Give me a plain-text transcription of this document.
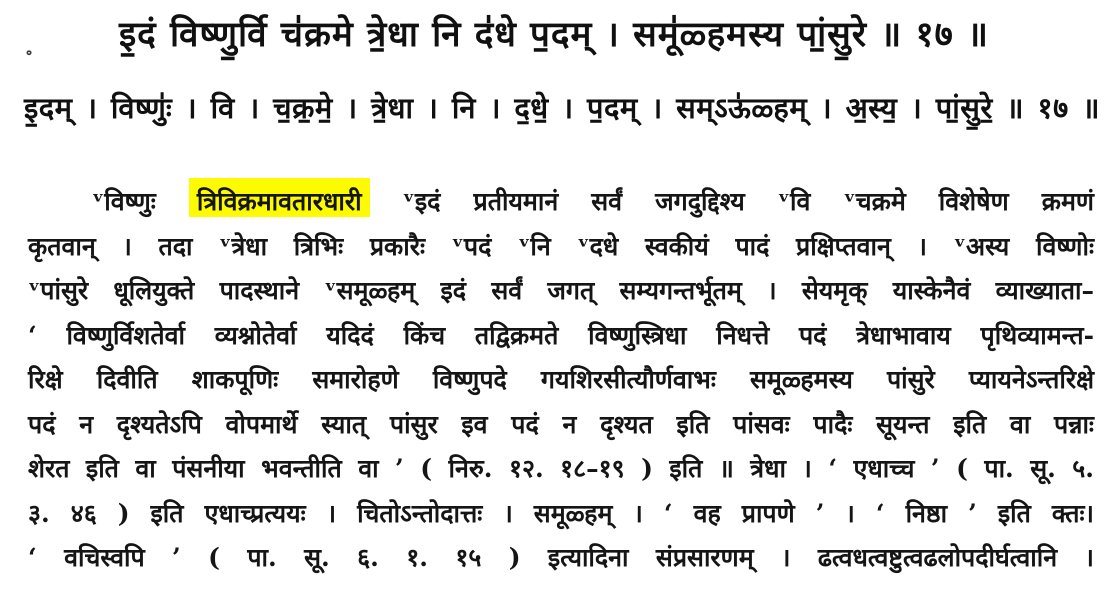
॰	इ॒दं विष्णु॒र्वि च॑क्रमे त्रे॒धा नि द॑धे प॒दम् । समू॑ळ्हमस्य पां॒सु॒रे ॥ १७ ॥
इ॒दम् । विष्णुः॑ । वि । च॒क्र॒मे॒ । त्रे॒धा । नि । द॒धे॒ । प॒दम् । सम्ऽऊ॑ळ्हम् । अ॒स्य॒ । पां॒सु॒रे॒ ॥ १७ ॥
ᵛविष्णुः त्रिविक्रमावतारधारी ᵛइदं प्रतीयमानं सर्वं जगदुद्दिश्य ᵛवि ᵛचक्रमे विशेषेण क्रमणं
कृतवान् । तदा ᵛत्रेधा त्रिभिः प्रकारैः ᵛपदं ᵛनि ᵛदधे स्वकीयं पादं प्रक्षिप्तवान् । ᵛअस्य विष्णोः
ᵛपांसुरे धूलियुक्ते पादस्थाने ᵛसमूळ्हम् इदं सर्वं जगत् सम्यगन्तर्भूतम् । सेयमृक् यास्केनैवं व्याख्याता–
‘ विष्णुर्विशतेर्वा व्यश्नोतेर्वा यदिदं किंच तद्विक्रमते विष्णुस्त्रिधा निधत्ते पदं त्रेधाभावाय पृथिव्यामन्त-
रिक्षे दिवीति शाकपूणिः समारोहणे विष्णुपदे गयशिरसीत्यौर्णवाभः समूळ्हमस्य पांसुरे प्यायनेऽन्तरिक्षे
पदं न दृश्यतेऽपि वोपमार्थे स्यात् पांसुर इव पदं न दृश्यत इति पांसवः पादैः सूयन्त इति वा पन्नाः
शेरत इति वा पंसनीया भवन्तीति वा ’ ( निरु. १२. १८–१९ ) इति ॥ त्रेधा । ‘ एधाच्च ’ ( पा. सू. ५.
३. ४६ ) इति एधाच्प्रत्ययः । चितोऽन्तोदात्तः । समूळ्हम् । ‘ वह प्रापणे ’ । ‘ निष्ठा ’ इति क्तः।
‘ वचिस्वपि ’ ( पा. सू. ६. १. १५ ) इत्यादिना संप्रसारणम् । ढत्वधत्वष्टुत्वढलोपदीर्घत्वानि ।
